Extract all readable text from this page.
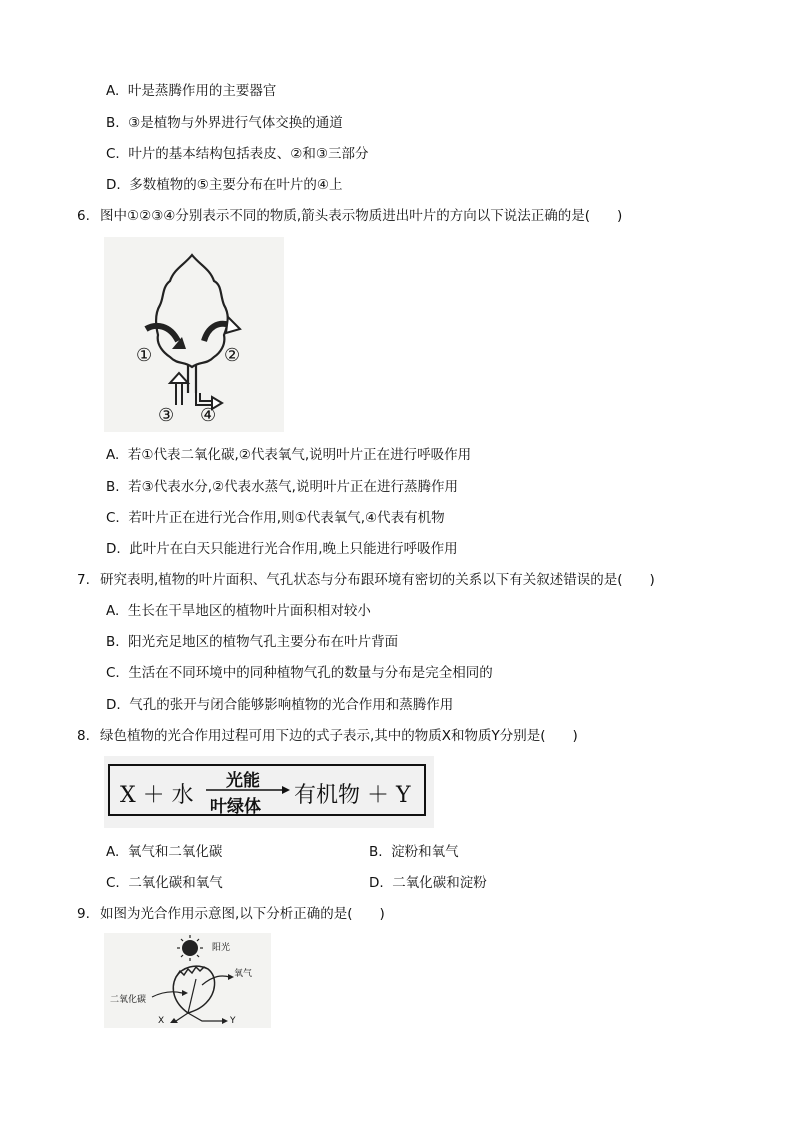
A. 叶是蒸腾作用的主要器官
B. ③是植物与外界进行气体交换的通道
C. 叶片的基本结构包括表皮、②和③三部分
D. 多数植物的⑤主要分布在叶片的④上
6. 图中①②③④分别表示不同的物质,箭头表示物质进出叶片的方向以下说法正确的是(　　)
①	②
③ ④
A. 若①代表二氧化碳,②代表氧气,说明叶片正在进行呼吸作用
B. 若③代表水分,②代表水蒸气,说明叶片正在进行蒸腾作用
C. 若叶片正在进行光合作用,则①代表氧气,④代表有机物
D. 此叶片在白天只能进行光合作用,晚上只能进行呼吸作用
7. 研究表明,植物的叶片面积、气孔状态与分布跟环境有密切的关系以下有关叙述错误的是(　　)
A. 生长在干旱地区的植物叶片面积相对较小
B. 阳光充足地区的植物气孔主要分布在叶片背面
C. 生活在不同环境中的同种植物气孔的数量与分布是完全相同的
D. 气孔的张开与闭合能够影响植物的光合作用和蒸腾作用
8. 绿色植物的光合作用过程可用下边的式子表示,其中的物质X和物质Y分别是(　　)
X ＋ 水
光能
叶绿体 有机物 ＋ Y
A. 氧气和二氧化碳	B. 淀粉和氧气
C. 二氧化碳和氧气	D. 二氧化碳和淀粉
9. 如图为光合作用示意图,以下分析正确的是(　　)
阳光
氧气
二氧化碳
X	Y
